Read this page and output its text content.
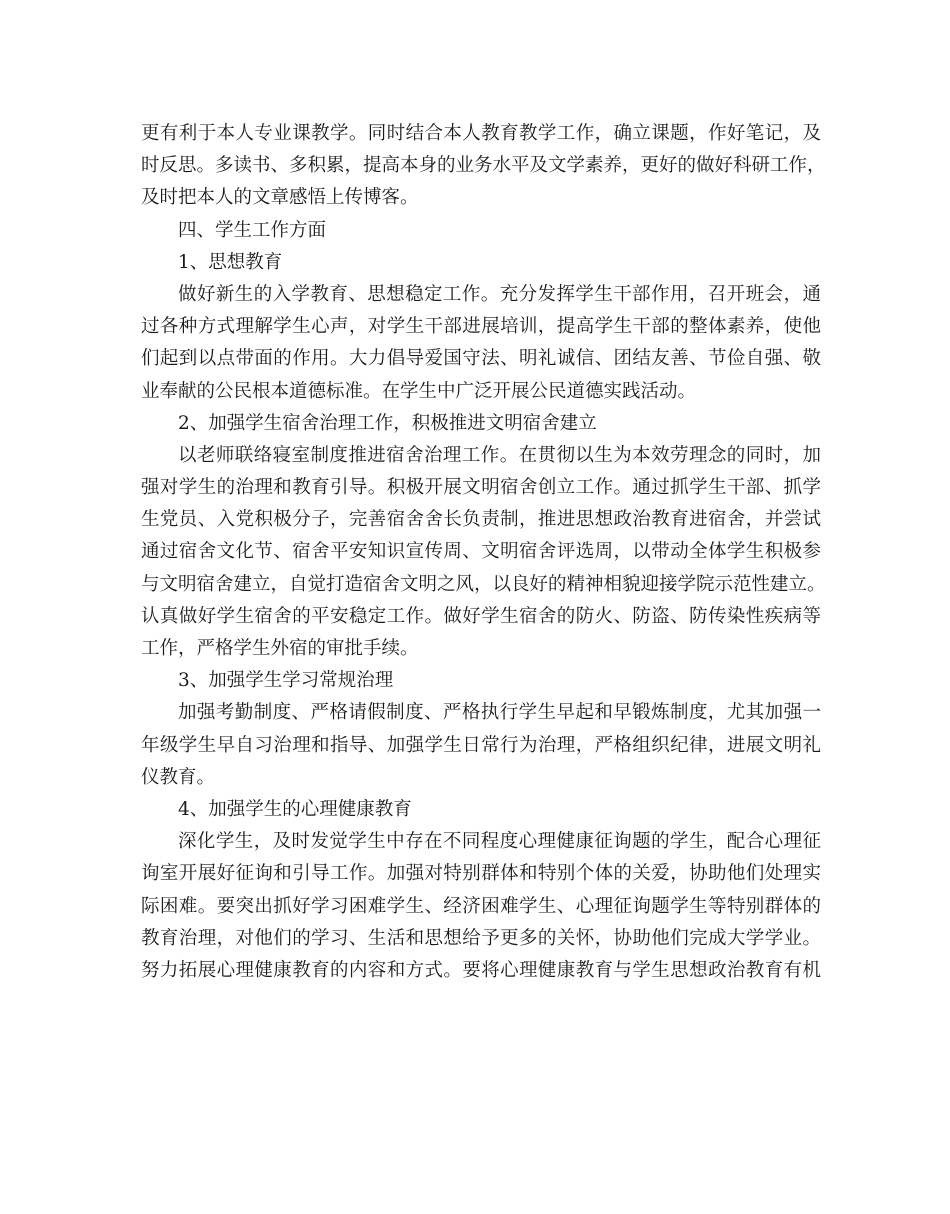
更有利于本人专业课教学。同时结合本人教育教学工作，确立课题，作好笔记，及
时反思。多读书、多积累，提高本身的业务水平及文学素养，更好的做好科研工作，
及时把本人的文章感悟上传博客。
四、学生工作方面
1、思想教育
做好新生的入学教育、思想稳定工作。充分发挥学生干部作用，召开班会，通
过各种方式理解学生心声，对学生干部进展培训，提高学生干部的整体素养，使他
们起到以点带面的作用。大力倡导爱国守法、明礼诚信、团结友善、节俭自强、敬
业奉献的公民根本道德标准。在学生中广泛开展公民道德实践活动。
2、加强学生宿舍治理工作，积极推进文明宿舍建立
以老师联络寝室制度推进宿舍治理工作。在贯彻以生为本效劳理念的同时，加
强对学生的治理和教育引导。积极开展文明宿舍创立工作。通过抓学生干部、抓学
生党员、入党积极分子，完善宿舍舍长负责制，推进思想政治教育进宿舍，并尝试
通过宿舍文化节、宿舍平安知识宣传周、文明宿舍评选周，以带动全体学生积极参
与文明宿舍建立，自觉打造宿舍文明之风，以良好的精神相貌迎接学院示范性建立。
认真做好学生宿舍的平安稳定工作。做好学生宿舍的防火、防盗、防传染性疾病等
工作，严格学生外宿的审批手续。
3、加强学生学习常规治理
加强考勤制度、严格请假制度、严格执行学生早起和早锻炼制度，尤其加强一
年级学生早自习治理和指导、加强学生日常行为治理，严格组织纪律，进展文明礼
仪教育。
4、加强学生的心理健康教育
深化学生，及时发觉学生中存在不同程度心理健康征询题的学生，配合心理征
询室开展好征询和引导工作。加强对特别群体和特别个体的关爱，协助他们处理实
际困难。要突出抓好学习困难学生、经济困难学生、心理征询题学生等特别群体的
教育治理，对他们的学习、生活和思想给予更多的关怀，协助他们完成大学学业。
努力拓展心理健康教育的内容和方式。要将心理健康教育与学生思想政治教育有机
